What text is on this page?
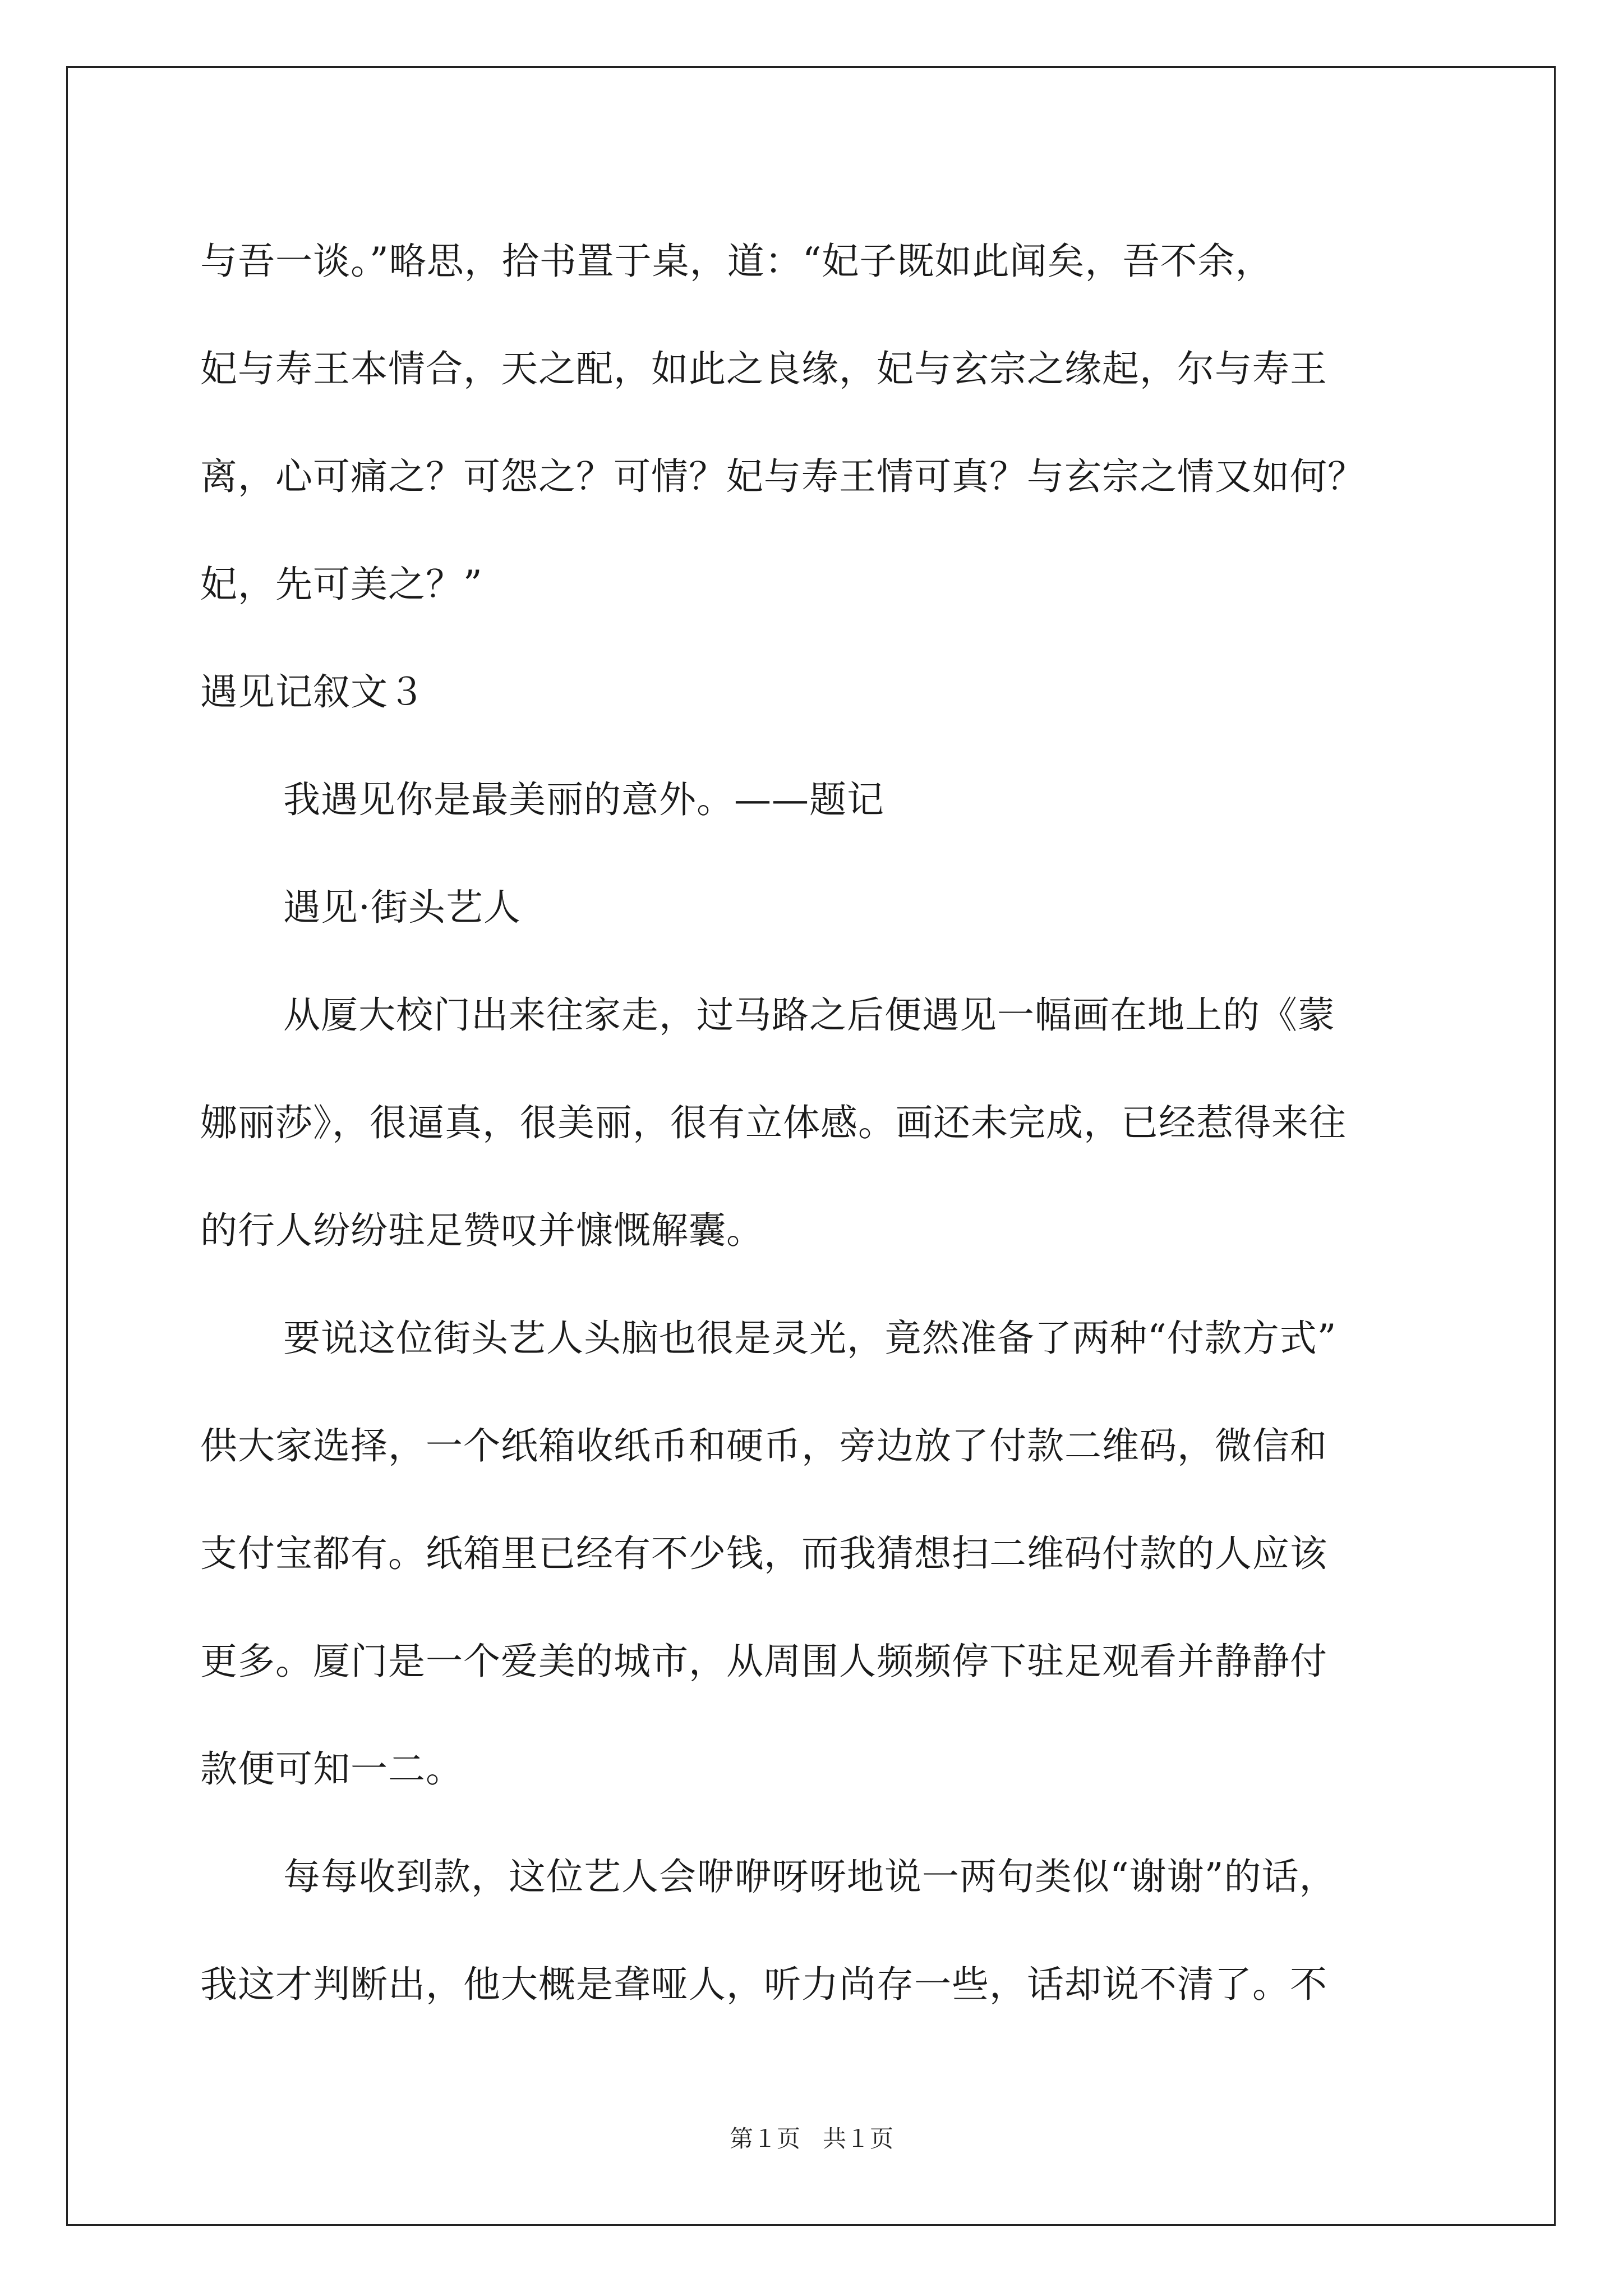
与吾一谈。”略思，拾书置于桌，道：“妃子既如此闻矣，吾不余，
妃与寿王本情合，天之配，如此之良缘，妃与玄宗之缘起，尔与寿王
离，心可痛之？可怨之？可情？妃与寿王情可真？与玄宗之情又如何？
妃，先可美之？”
遇见记叙文３
我遇见你是最美丽的意外。——题记
遇见·街头艺人
从厦大校门出来往家走，过马路之后便遇见一幅画在地上的《蒙
娜丽莎》，很逼真，很美丽，很有立体感。画还未完成，已经惹得来往
的行人纷纷驻足赞叹并慷慨解囊。
要说这位街头艺人头脑也很是灵光，竟然准备了两种“付款方式”
供大家选择，一个纸箱收纸币和硬币，旁边放了付款二维码，微信和
支付宝都有。纸箱里已经有不少钱，而我猜想扫二维码付款的人应该
更多。厦门是一个爱美的城市，从周围人频频停下驻足观看并静静付
款便可知一二。
每每收到款，这位艺人会咿咿呀呀地说一两句类似“谢谢”的话，
我这才判断出，他大概是聋哑人，听力尚存一些，话却说不清了。不
第１页 共１页
